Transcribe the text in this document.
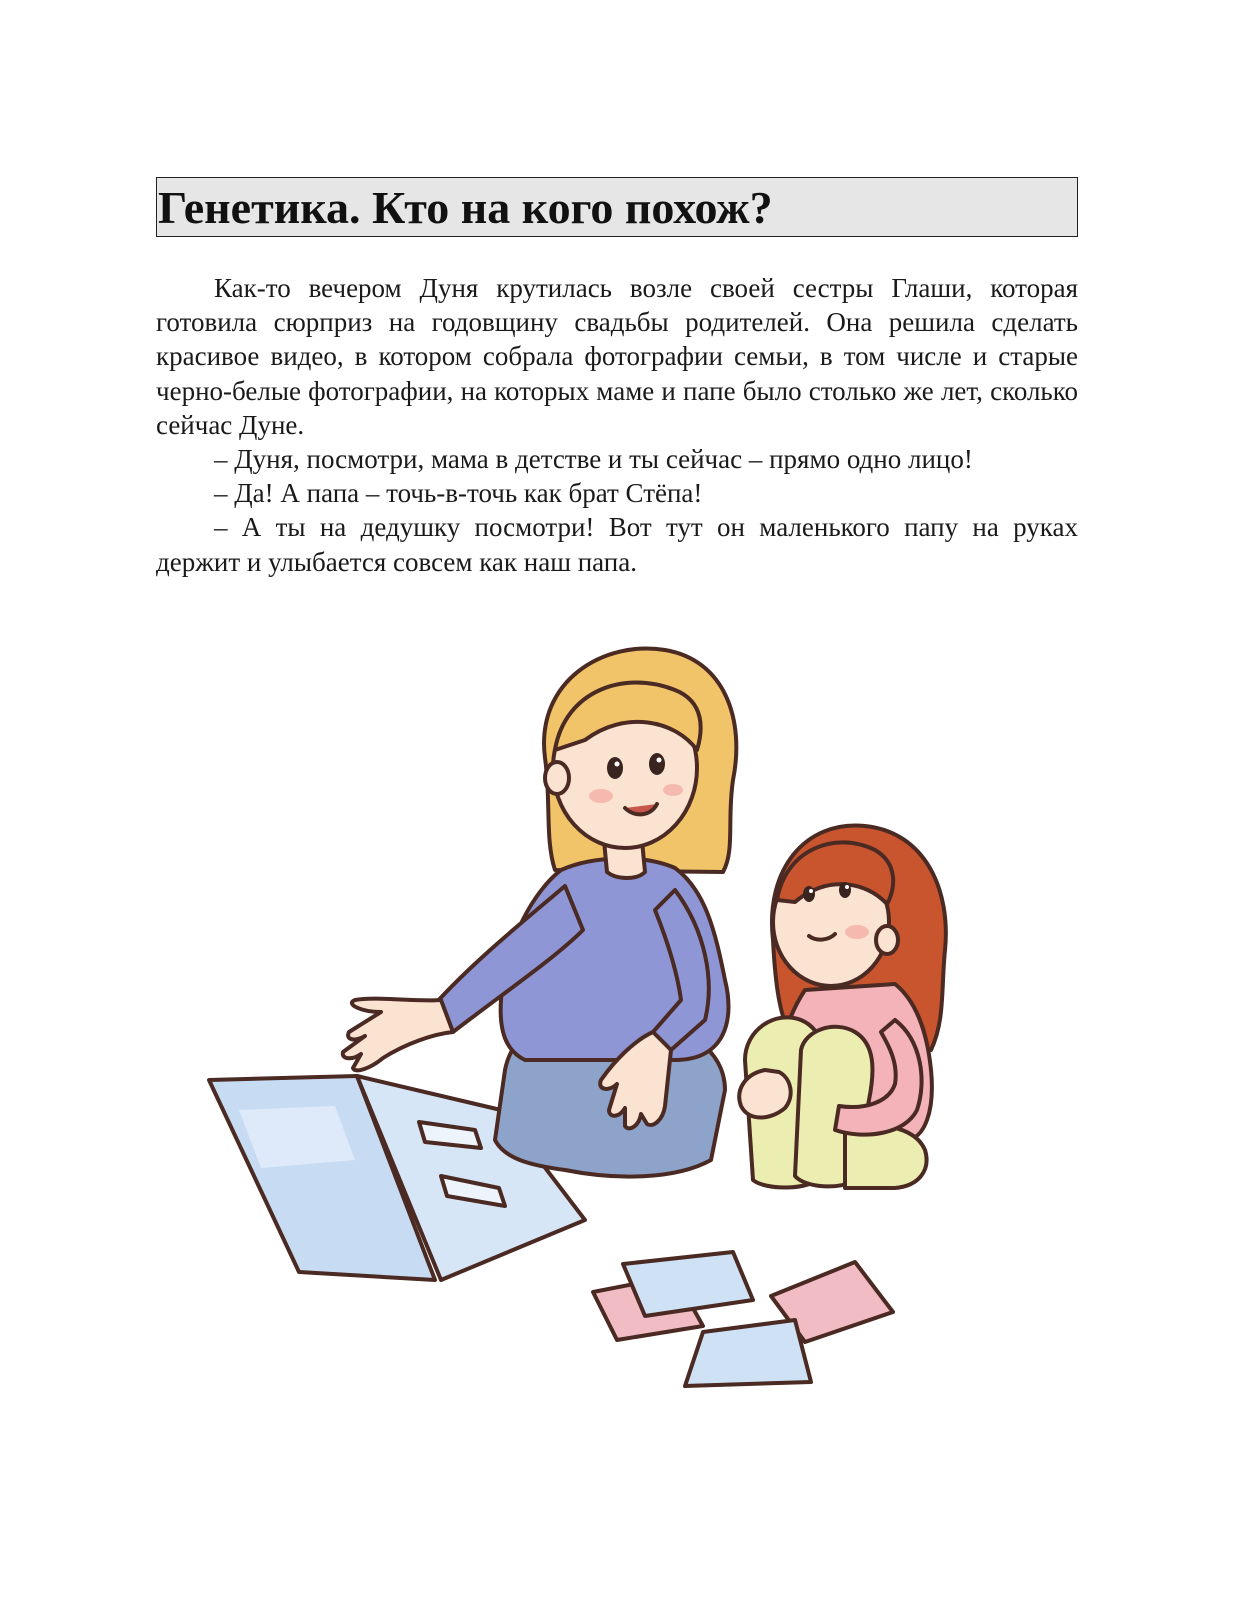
Генетика. Кто на кого похож?

Как-то вечером Дуня крутилась возле своей сестры Глаши, которая готовила сюрприз на годовщину свадьбы родителей. Она решила сделать красивое видео, в котором собрала фотографии семьи, в том числе и старые черно-белые фотографии, на которых маме и папе было столько же лет, сколько сейчас Дуне.

– Дуня, посмотри, мама в детстве и ты сейчас – прямо одно лицо!

– Да! А папа – точь-в-точь как брат Стёпа!

– А ты на дедушку посмотри! Вот тут он маленького папу на руках держит и улыбается совсем как наш папа.
